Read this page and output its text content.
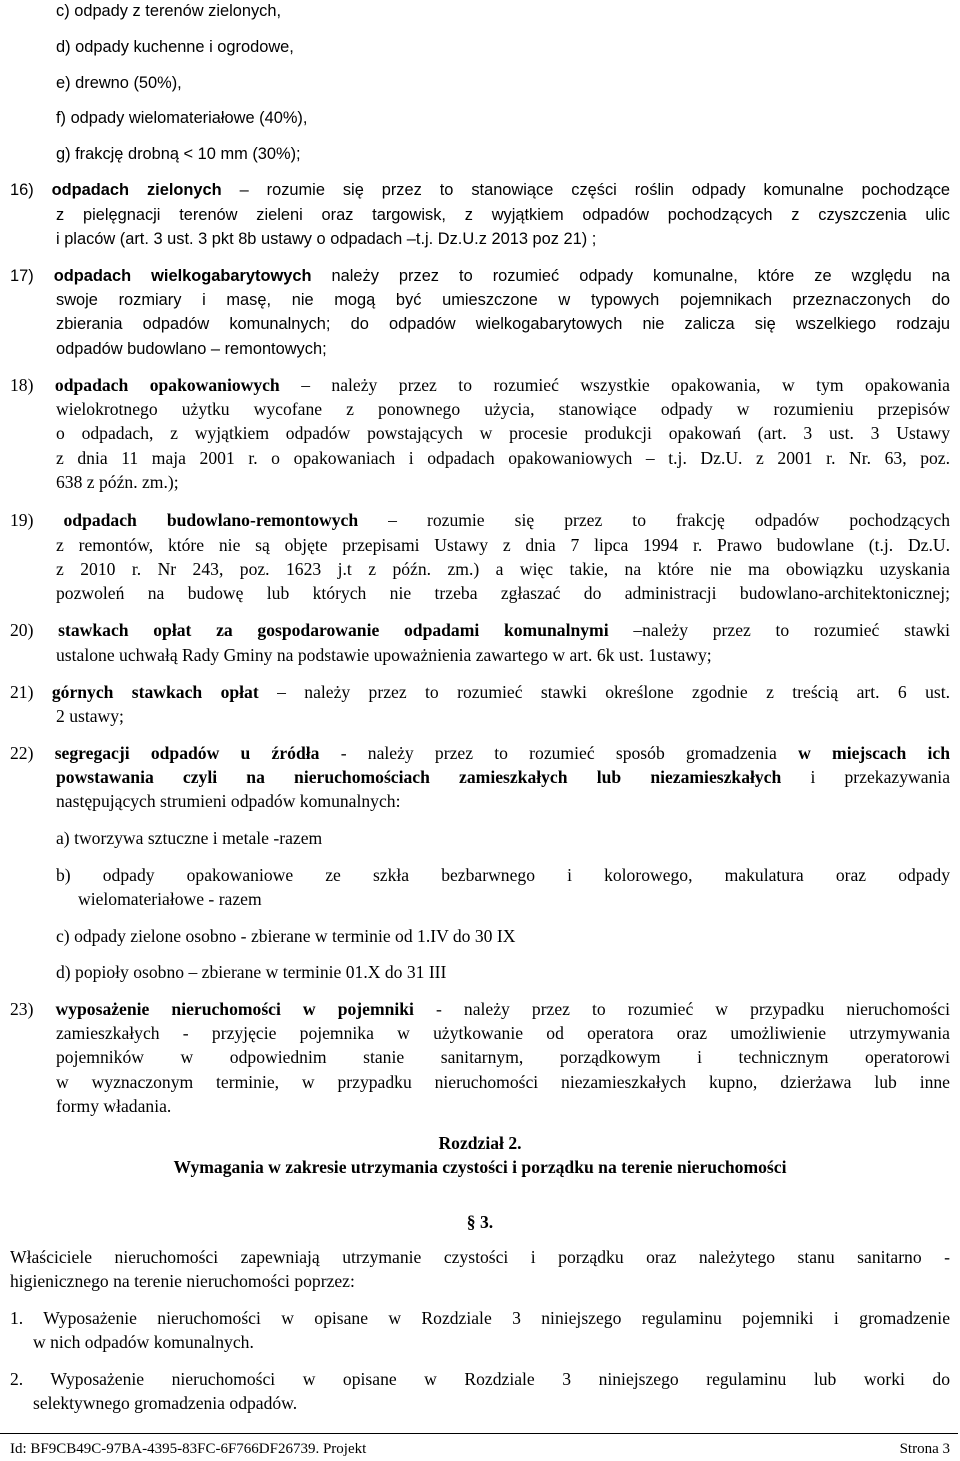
c) odpady z terenów zielonych,
d) odpady kuchenne i ogrodowe,
e) drewno (50%),
f) odpady wielomateriałowe (40%),
g) frakcję drobną < 10 mm (30%);
16) odpadach zielonych – rozumie się przez to stanowiące części roślin odpady komunalne pochodzące
z pielęgnacji terenów zieleni oraz targowisk, z wyjątkiem odpadów pochodzących z czyszczenia ulic
i placów (art. 3 ust. 3 pkt 8b ustawy o odpadach –t.j. Dz.U.z 2013 poz 21) ;
17) odpadach wielkogabarytowych należy przez to rozumieć odpady komunalne, które ze względu na
swoje rozmiary i masę, nie mogą być umieszczone w typowych pojemnikach przeznaczonych do
zbierania odpadów komunalnych; do odpadów wielkogabarytowych nie zalicza się wszelkiego rodzaju
odpadów budowlano – remontowych;
18) odpadach opakowaniowych – należy przez to rozumieć wszystkie opakowania, w tym opakowania
wielokrotnego użytku wycofane z ponownego użycia, stanowiące odpady w rozumieniu przepisów
o odpadach, z wyjątkiem odpadów powstających w procesie produkcji opakowań (art. 3 ust. 3 Ustawy
z dnia 11 maja 2001 r. o opakowaniach i odpadach opakowaniowych – t.j. Dz.U. z 2001 r. Nr. 63, poz.
638 z późn. zm.);
19) odpadach budowlano-remontowych – rozumie się przez to frakcję odpadów pochodzących
z remontów, które nie są objęte przepisami Ustawy z dnia 7 lipca 1994 r. Prawo budowlane (t.j. Dz.U.
z 2010 r. Nr 243, poz. 1623 j.t z późn. zm.) a więc takie, na które nie ma obowiązku uzyskania
pozwoleń na budowę lub których nie trzeba zgłaszać do administracji budowlano-architektonicznej;
20) stawkach opłat za gospodarowanie odpadami komunalnymi –należy przez to rozumieć stawki
ustalone uchwałą Rady Gminy na podstawie upoważnienia zawartego w art. 6k ust. 1ustawy;
21) górnych stawkach opłat – należy przez to rozumieć stawki określone zgodnie z treścią art. 6 ust.
2 ustawy;
22) segregacji odpadów u źródła - należy przez to rozumieć sposób gromadzenia w miejscach ich
powstawania czyli na nieruchomościach zamieszkałych lub niezamieszkałych i przekazywania
następujących strumieni odpadów komunalnych:
a) tworzywa sztuczne i metale -razem
b) odpady opakowaniowe ze szkła bezbarwnego i kolorowego, makulatura oraz odpady
wielomateriałowe - razem
c) odpady zielone osobno - zbierane w terminie od 1.IV do 30 IX
d) popioły osobno – zbierane w terminie 01.X do 31 III
23) wyposażenie nieruchomości w pojemniki - należy przez to rozumieć w przypadku nieruchomości
zamieszkałych - przyjęcie pojemnika w użytkowanie od operatora oraz umożliwienie utrzymywania
pojemników w odpowiednim stanie sanitarnym, porządkowym i technicznym operatorowi
w wyznaczonym terminie, w przypadku nieruchomości niezamieszkałych kupno, dzierżawa lub inne
formy władania.
Rozdział 2.
Wymagania w zakresie utrzymania czystości i porządku na terenie nieruchomości
§ 3.
Właściciele nieruchomości zapewniają utrzymanie czystości i porządku oraz należytego stanu sanitarno -
higienicznego na terenie nieruchomości poprzez:
1. Wyposażenie nieruchomości w opisane w Rozdziale 3 niniejszego regulaminu pojemniki i gromadzenie
w nich odpadów komunalnych.
2. Wyposażenie nieruchomości w opisane w Rozdziale 3 niniejszego regulaminu lub worki do
selektywnego gromadzenia odpadów.
Id: BF9CB49C-97BA-4395-83FC-6F766DF26739. Projekt	Strona 3
